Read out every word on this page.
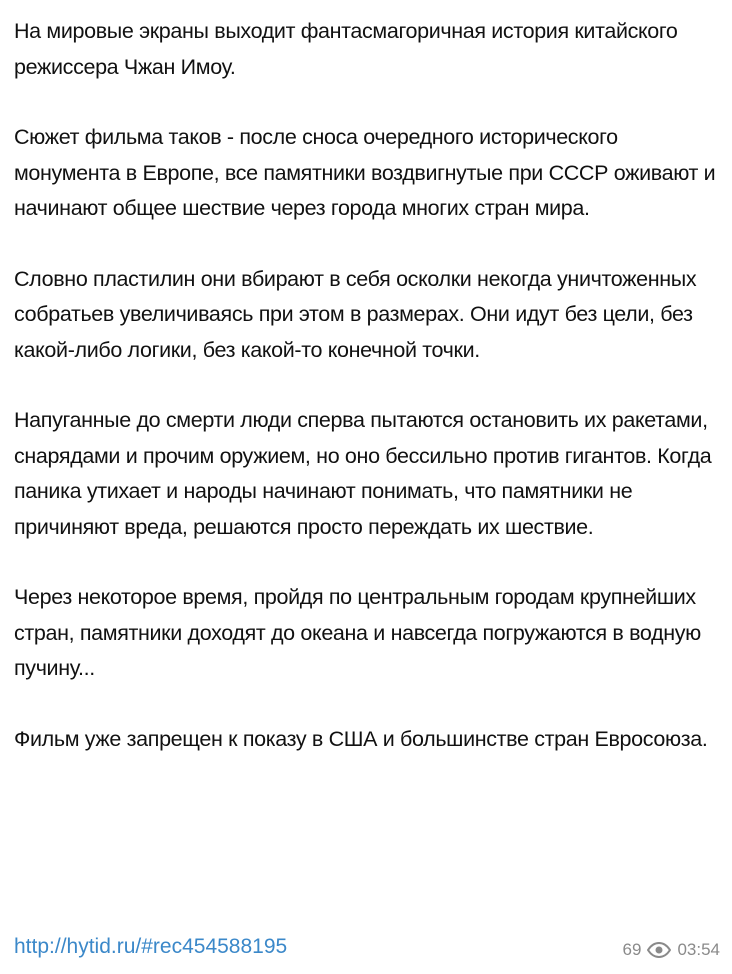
На мировые экраны выходит фантасмагоричная история китайского режиссера Чжан Имоу.

Сюжет фильма таков - после сноса очередного исторического монумента в Европе, все памятники воздвигнутые при СССР оживают и начинают общее шествие через города многих стран мира.

Словно пластилин они вбирают в себя осколки некогда уничтоженных собратьев увеличиваясь при этом в размерах. Они идут без цели, без какой-либо логики, без какой-то конечной точки.

Напуганные до смерти люди сперва пытаются остановить их ракетами, снарядами и прочим оружием, но оно бессильно против гигантов. Когда паника утихает и народы начинают понимать, что памятники не причиняют вреда, решаются просто переждать их шествие.

Через некоторое время, пройдя по центральным городам крупнейших стран, памятники доходят до океана и навсегда погружаются в водную пучину...

Фильм уже запрещен к показу в США и большинстве стран Евросоюза.

http://hytid.ru/#rec454588195	69 03:54
